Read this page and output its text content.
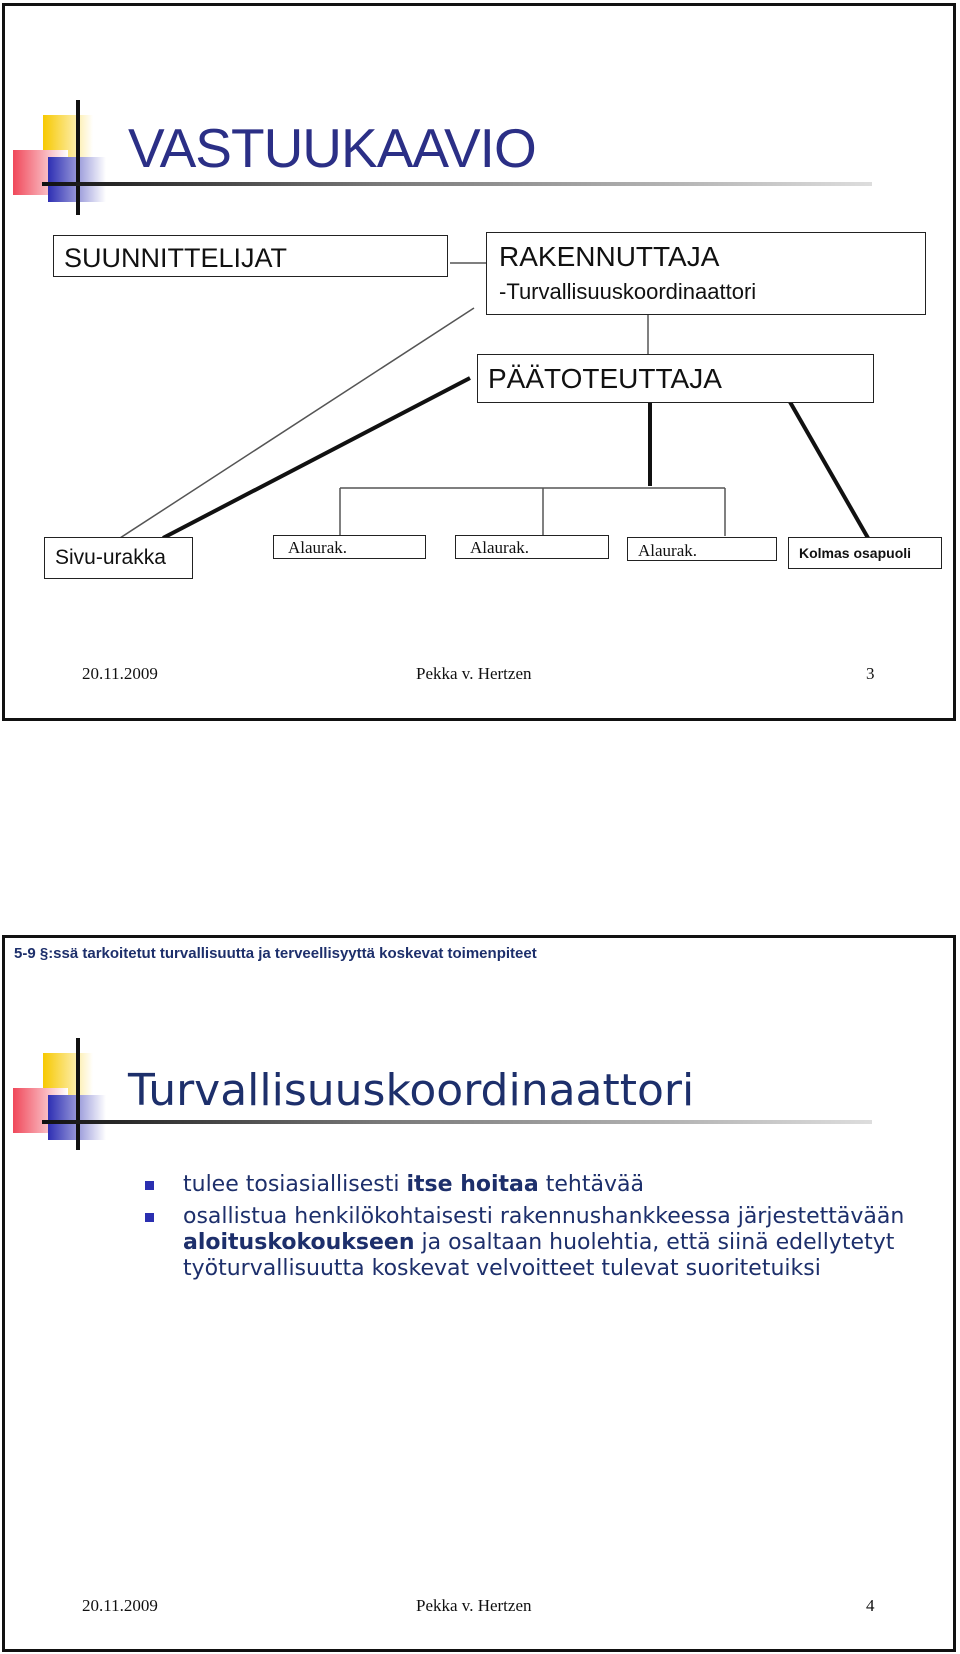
VASTUUKAAVIO
SUUNNITTELIJAT	RAKENNUTTAJA
-Turvallisuuskoordinaattori
PÄÄTOTEUTTAJA
Sivu-urakka	Alaurak.	Alaurak.	Alaurak.	Kolmas osapuoli
20.11.2009	Pekka v. Hertzen	3
5-9 §:ssä tarkoitetut turvallisuutta ja terveellisyyttä koskevat toimenpiteet
Turvallisuuskoordinaattori
tulee tosiasiallisesti itse hoitaa tehtävää
osallistua henkilökohtaisesti rakennushankkeessa järjestettävään aloituskokoukseen ja osaltaan huolehtia, että siinä edellytetyt työturvallisuutta koskevat velvoitteet tulevat suoritetuiksi
20.11.2009	Pekka v. Hertzen	4
